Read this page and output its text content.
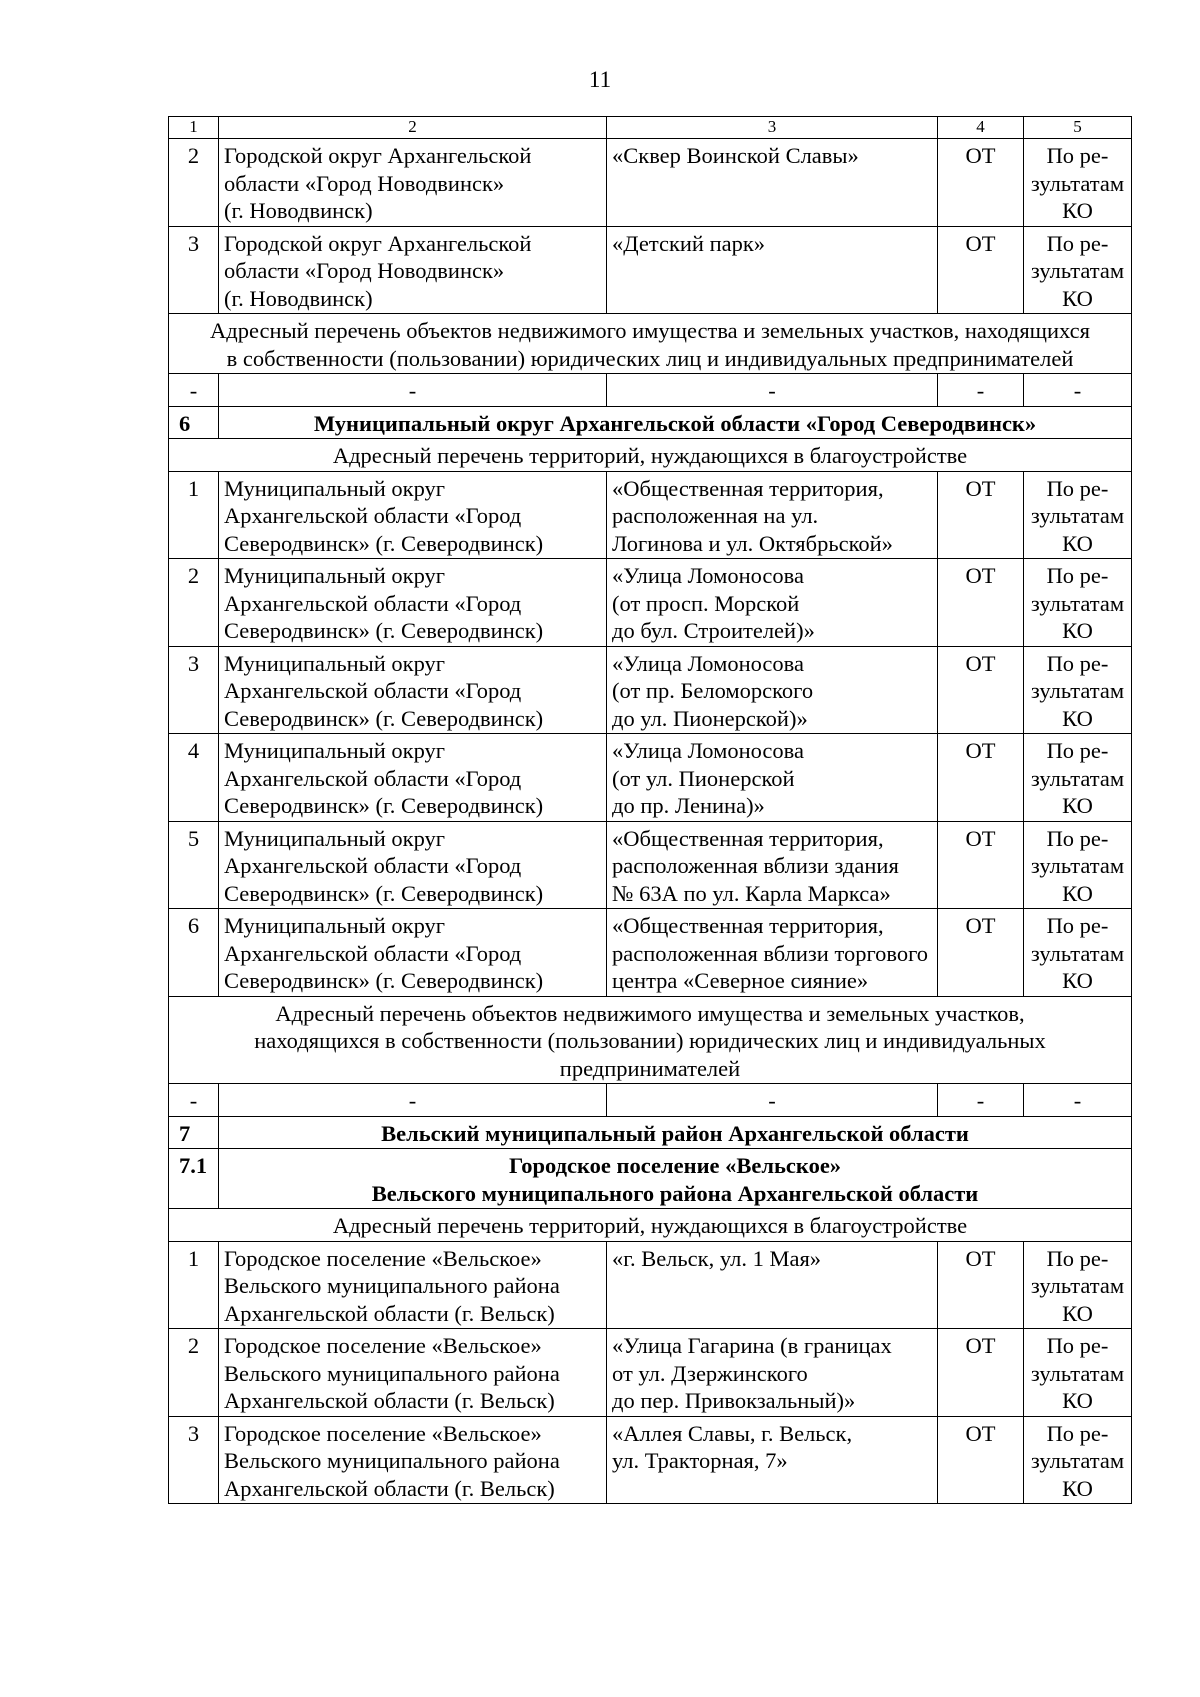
11
1	2	3	4	5
2	Городской округ Архангельской
области «Город Новодвинск»
(г. Новодвинск)	«Сквер Воинской Славы»	ОТ	По ре-
зультатам
КО

3	Городской округ Архангельской
области «Город Новодвинск»
(г. Новодвинск)	«Детский парк»	ОТ	По ре-
зультатам
КО

Адресный перечень объектов недвижимого имущества и земельных участков, находящихся
в собственности (пользовании) юридических лиц и индивидуальных предпринимателей				

-	-	-	-	-
6	Муниципальный округ Архангельской области «Город Северодвинск»			

Адресный перечень территорий, нуждающихся в благоустройстве				

1	Муниципальный округ
Архангельской области «Город
Северодвинск» (г. Северодвинск)	«Общественная территория,
расположенная на ул.
Логинова и ул. Октябрьской»	ОТ	По ре-
зультатам
КО

2	Муниципальный округ
Архангельской области «Город
Северодвинск» (г. Северодвинск)	«Улица Ломоносова
(от просп. Морской
до бул. Строителей)»	ОТ	По ре-
зультатам
КО

3	Муниципальный округ
Архангельской области «Город
Северодвинск» (г. Северодвинск)	«Улица Ломоносова
(от пр. Беломорского
до ул. Пионерской)»	ОТ	По ре-
зультатам
КО

4	Муниципальный округ
Архангельской области «Город
Северодвинск» (г. Северодвинск)	«Улица Ломоносова
(от ул. Пионерской
до пр. Ленина)»	ОТ	По ре-
зультатам
КО

5	Муниципальный округ
Архангельской области «Город
Северодвинск» (г. Северодвинск)	«Общественная территория,
расположенная вблизи здания
№ 63А по ул. Карла Маркса»	ОТ	По ре-
зультатам
КО

6	Муниципальный округ
Архангельской области «Город
Северодвинск» (г. Северодвинск)	«Общественная территория,
расположенная вблизи торгового
центра «Северное сияние»	ОТ	По ре-
зультатам
КО

Адресный перечень объектов недвижимого имущества и земельных участков,
находящихся в собственности (пользовании) юридических лиц и индивидуальных
предпринимателей				

-	-	-	-	-
7	Вельский муниципальный район Архангельской области			
7.1	Городское поселение «Вельское»
Вельского муниципального района Архангельской области			

Адресный перечень территорий, нуждающихся в благоустройстве				

1	Городское поселение «Вельское»
Вельского муниципального района
Архангельской области (г. Вельск)	«г. Вельск, ул. 1 Мая»	ОТ	По ре-
зультатам
КО

2	Городское поселение «Вельское»
Вельского муниципального района
Архангельской области (г. Вельск)	«Улица Гагарина (в границах
от ул. Дзержинского
до пер. Привокзальный)»	ОТ	По ре-
зультатам
КО

3	Городское поселение «Вельское»
Вельского муниципального района
Архангельской области (г. Вельск)	«Аллея Славы, г. Вельск,
ул. Тракторная, 7»	ОТ	По ре-
зультатам
КО
